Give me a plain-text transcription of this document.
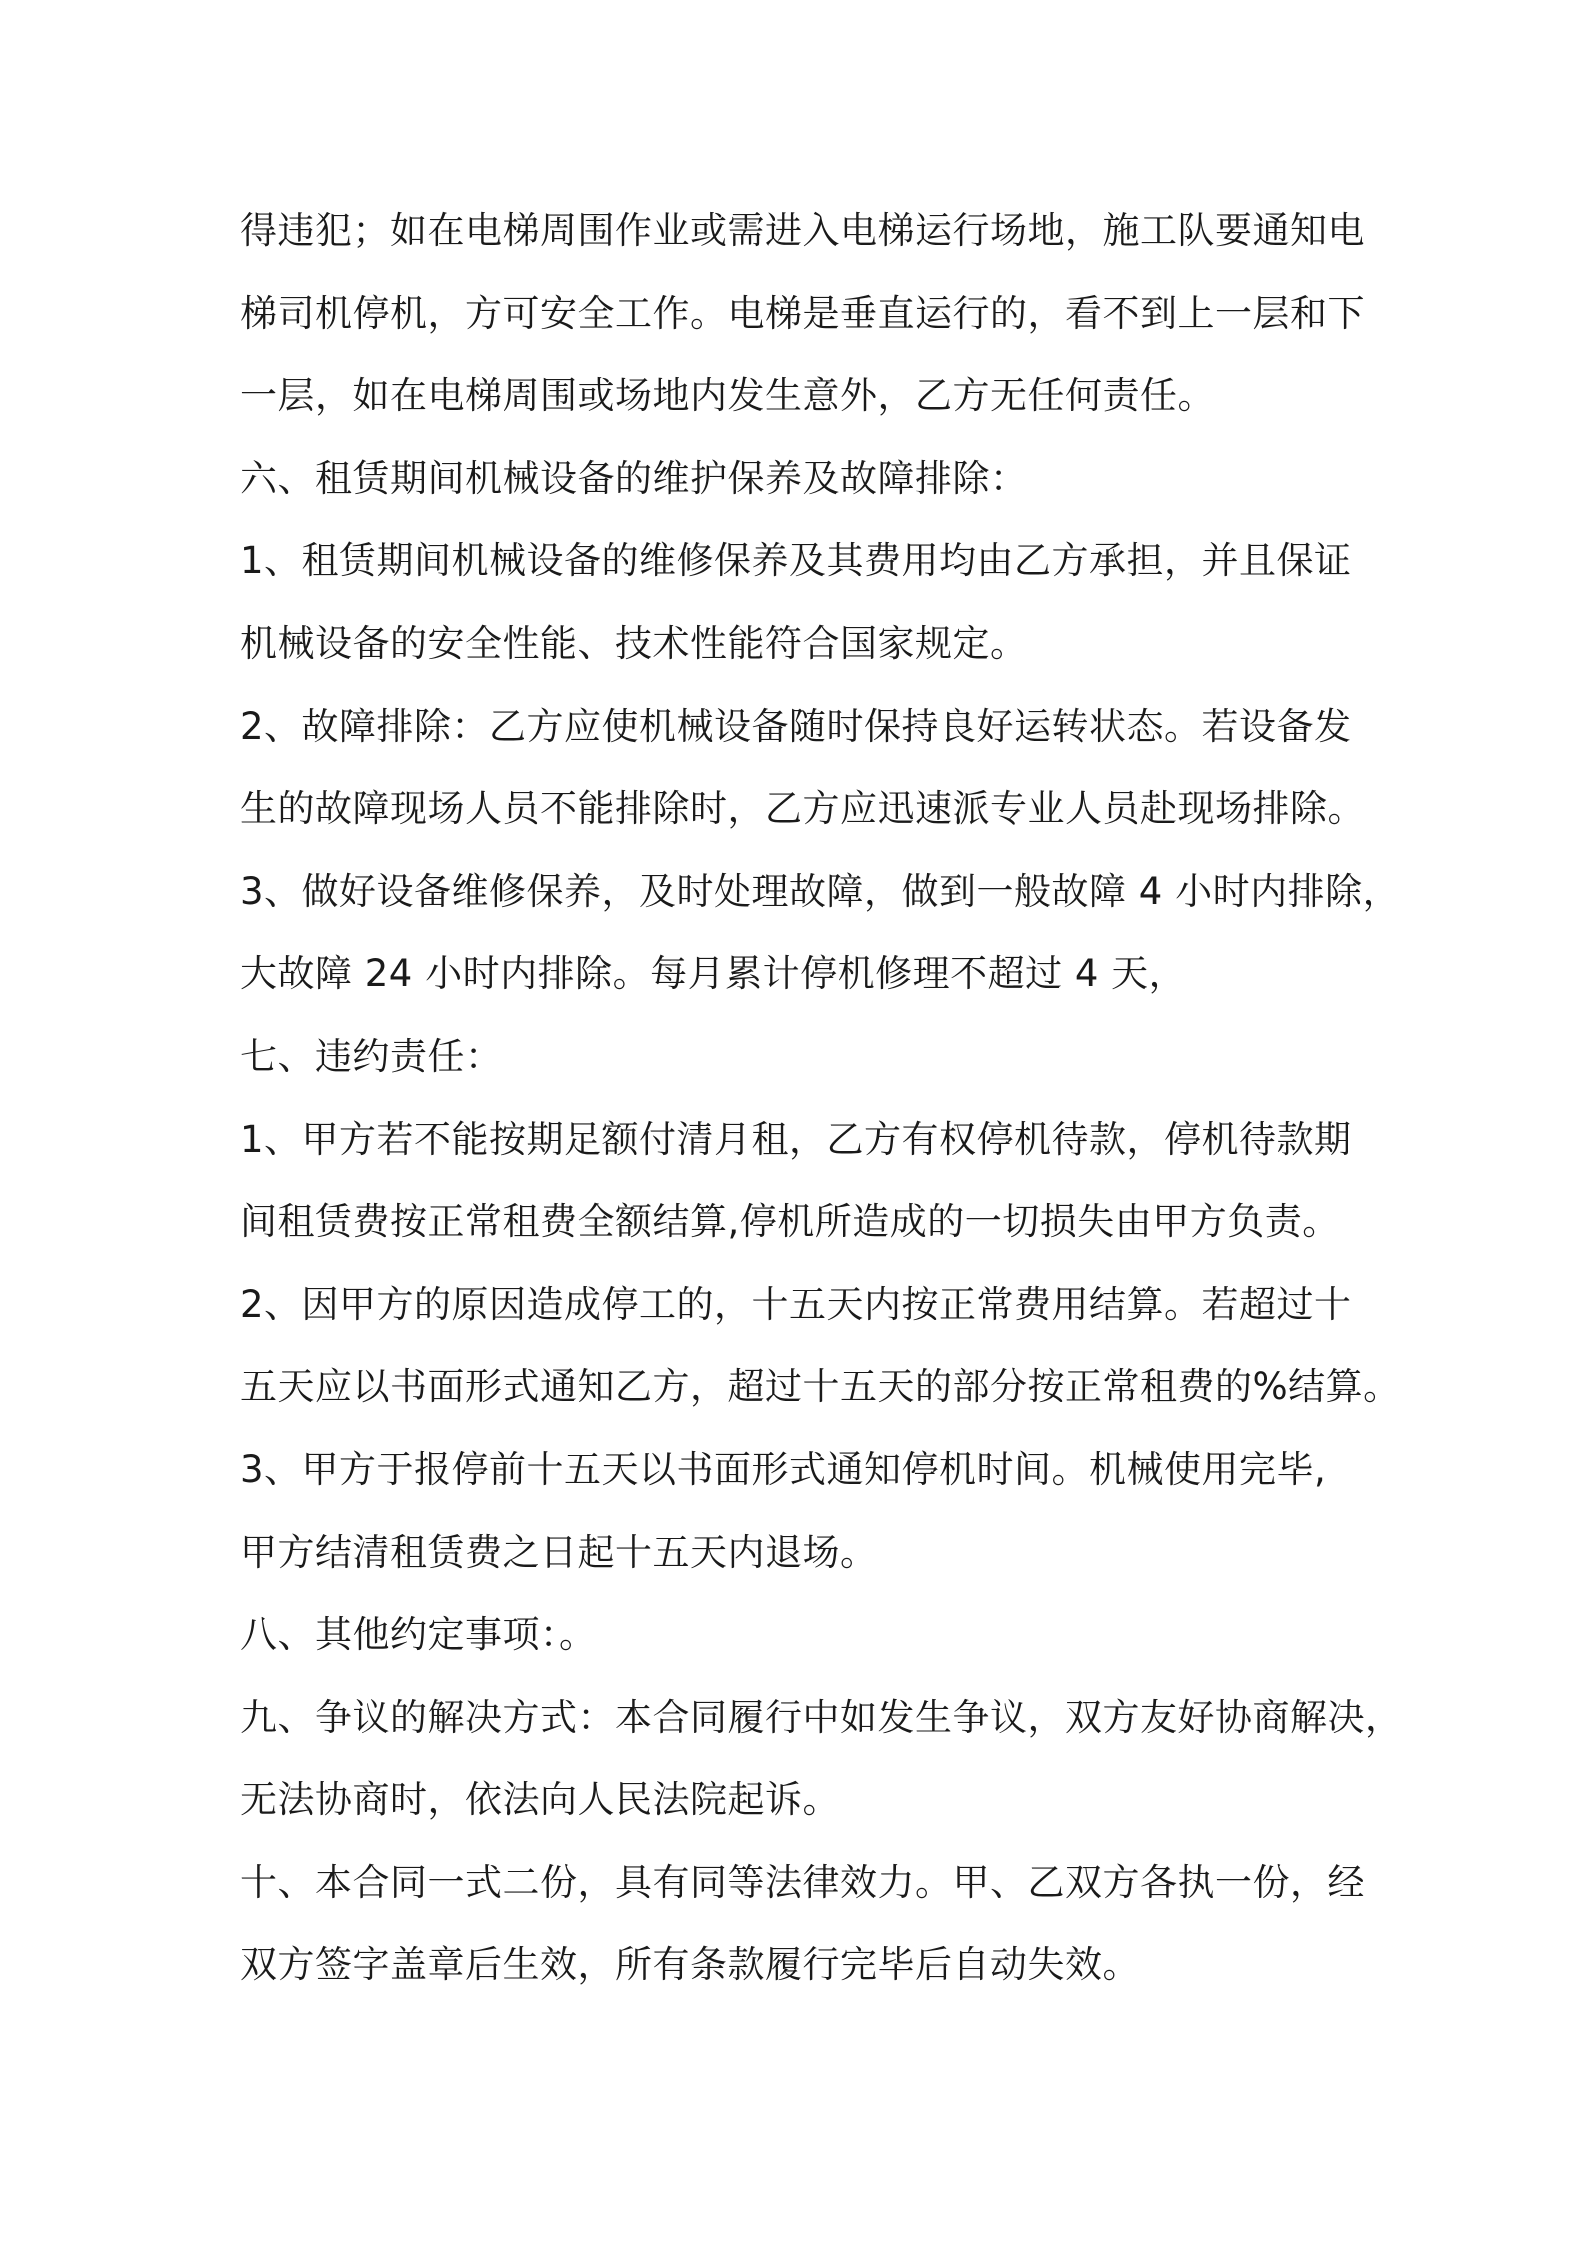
得违犯；如在电梯周围作业或需进入电梯运行场地，施工队要通知电
梯司机停机，方可安全工作。电梯是垂直运行的，看不到上一层和下
一层，如在电梯周围或场地内发生意外，乙方无任何责任。
六、租赁期间机械设备的维护保养及故障排除：
1、租赁期间机械设备的维修保养及其费用均由乙方承担，并且保证
机械设备的安全性能、技术性能符合国家规定。
2、故障排除：乙方应使机械设备随时保持良好运转状态。若设备发
生的故障现场人员不能排除时，乙方应迅速派专业人员赴现场排除。
3、做好设备维修保养，及时处理故障，做到一般故障 4 小时内排除，
大故障 24 小时内排除。每月累计停机修理不超过 4 天，
七、违约责任：
1、甲方若不能按期足额付清月租，乙方有权停机待款，停机待款期
间租赁费按正常租费全额结算,停机所造成的一切损失由甲方负责。
2、因甲方的原因造成停工的，十五天内按正常费用结算。若超过十
五天应以书面形式通知乙方，超过十五天的部分按正常租费的%结算。
3、甲方于报停前十五天以书面形式通知停机时间。机械使用完毕,
甲方结清租赁费之日起十五天内退场。
八、其他约定事项：。
九、争议的解决方式：本合同履行中如发生争议，双方友好协商解决，
无法协商时，依法向人民法院起诉。
十、本合同一式二份，具有同等法律效力。甲、乙双方各执一份，经
双方签字盖章后生效，所有条款履行完毕后自动失效。
